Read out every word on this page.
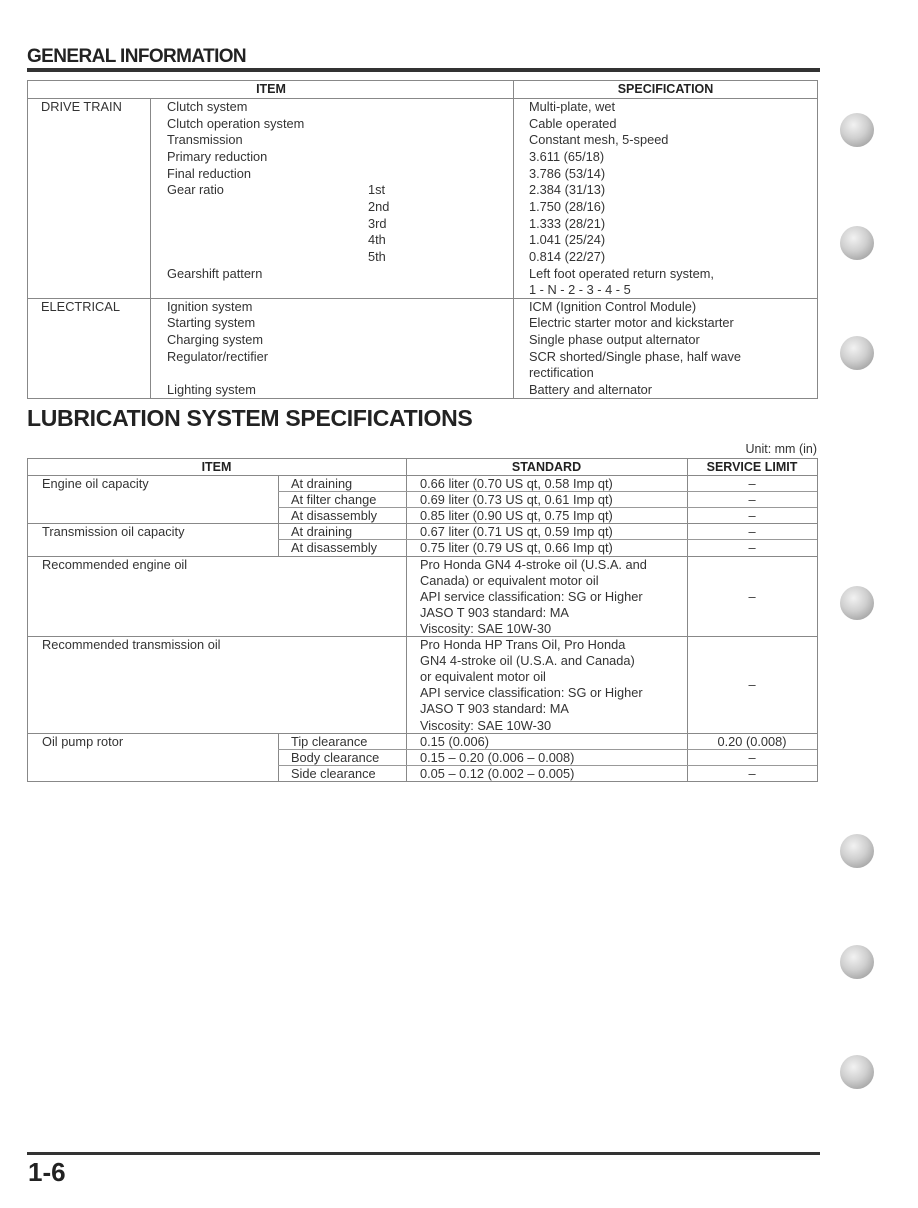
GENERAL INFORMATION
ITEM	SPECIFICATION
DRIVE TRAIN	Clutch system	Multi-plate, wet
Clutch operation system	Cable operated
Transmission	Constant mesh, 5-speed
Primary reduction	3.611 (65/18)
Final reduction	3.786 (53/14)
Gear ratio	1st	2.384 (31/13)
2nd	1.750 (28/16)
3rd	1.333 (28/21)
4th	1.041 (25/24)
5th	0.814 (22/27)
Gearshift pattern	Left foot operated return system,
1 - N - 2 - 3 - 4 - 5
ELECTRICAL	Ignition system	ICM (Ignition Control Module)
Starting system	Electric starter motor and kickstarter
Charging system	Single phase output alternator
Regulator/rectifier	SCR shorted/Single phase, half wave
rectification
Lighting system	Battery and alternator
LUBRICATION SYSTEM SPECIFICATIONS
Unit: mm (in)
ITEM	STANDARD	SERVICE LIMIT
Engine oil capacity	At draining	0.66 liter (0.70 US qt, 0.58 Imp qt)	–
At filter change	0.69 liter (0.73 US qt, 0.61 Imp qt)	–
At disassembly	0.85 liter (0.90 US qt, 0.75 Imp qt)	–
Transmission oil capacity	At draining	0.67 liter (0.71 US qt, 0.59 Imp qt)	–
At disassembly	0.75 liter (0.79 US qt, 0.66 Imp qt)	–
Recommended engine oil	Pro Honda GN4 4-stroke oil (U.S.A. and
Canada) or equivalent motor oil
API service classification: SG or Higher
JASO T 903 standard: MA
Viscosity: SAE 10W-30
–
Recommended transmission oil	Pro Honda HP Trans Oil, Pro Honda
GN4 4-stroke oil (U.S.A. and Canada)
or equivalent motor oil
API service classification: SG or Higher
JASO T 903 standard: MA
Viscosity: SAE 10W-30
–
Oil pump rotor	Tip clearance	0.15 (0.006)	0.20 (0.008)
Body clearance	0.15 – 0.20 (0.006 – 0.008)	–
Side clearance	0.05 – 0.12 (0.002 – 0.005)	–
1-6
